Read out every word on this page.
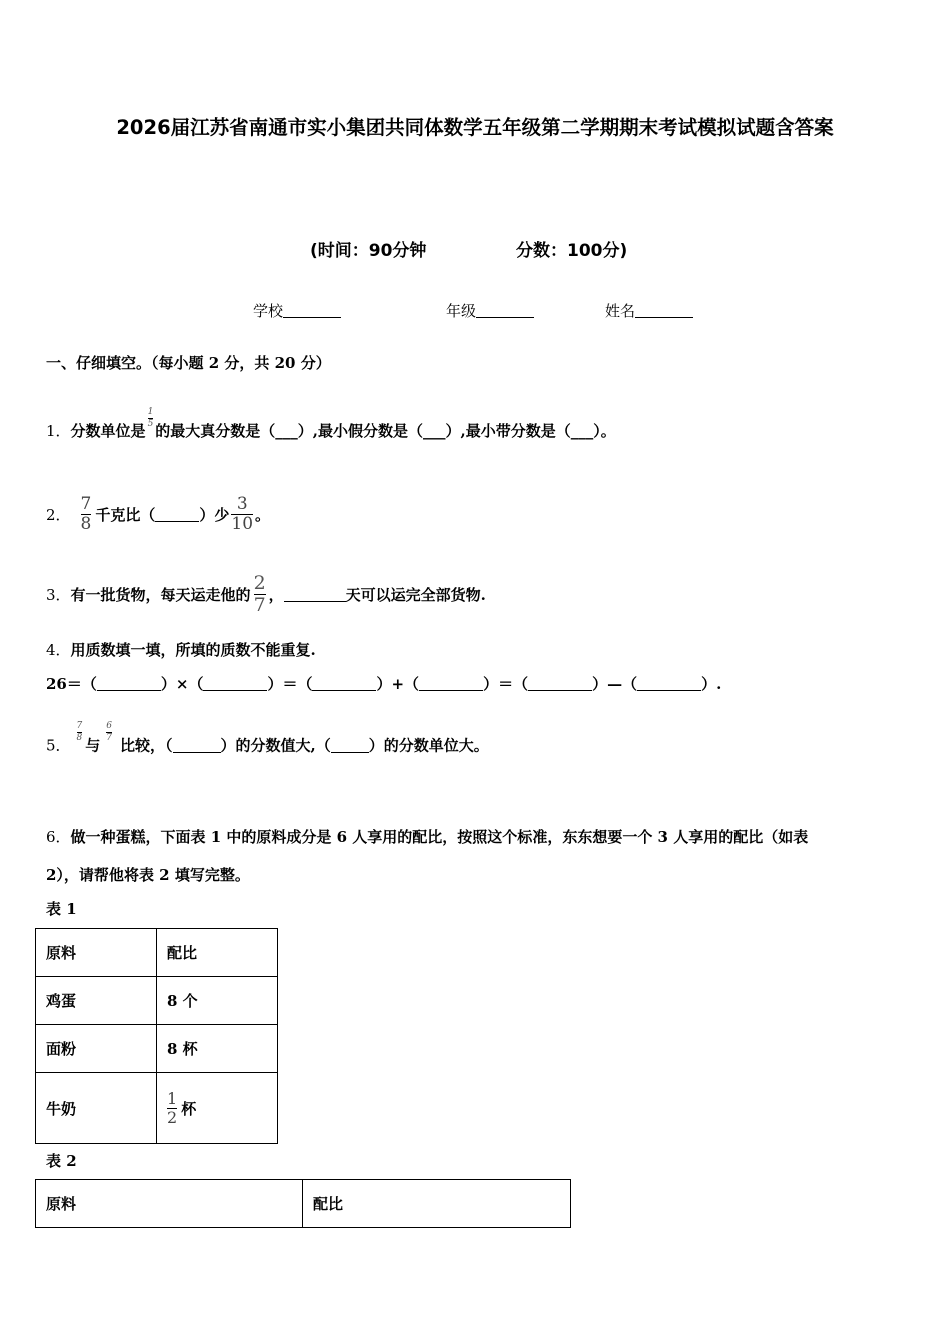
2026届江苏省南通市实小集团共同体数学五年级第二学期期末考试模拟试题含答案
(时间：90分钟	分数：100分)
学校	年级	姓名
一、仔细填空。（每小题 2 分，共 20 分）
1．分数单位是
$\frac{1}{5}$
的最大真分数是（___）,最小假分数是（___）,最小带分数是（___）。
2． $\frac{7}{8}$ 千克比（	）少 $\frac{3}{10}$ 。
3．有一批货物，每天运走他的 $\frac{2}{7}$ ，	天可以运完全部货物.
4．用质数填一填，所填的质数不能重复.
26＝（	）×（	）＝（	）+（	）＝（	）—（	）.
5．
$\frac{7}{8}$
与
$\frac{6}{7}$
比较，（	）的分数值大,（	）的分数单位大。
6．做一种蛋糕，下面表 1 中的原料成分是 6 人享用的配比，按照这个标准，东东想要一个 3 人享用的配比（如表
2），请帮他将表 2 填写完整。
表 1
原料	配比
鸡蛋	8 个
面粉	8 杯
牛奶	$\frac{1}{2}$ 杯
表 2
原料	配比
